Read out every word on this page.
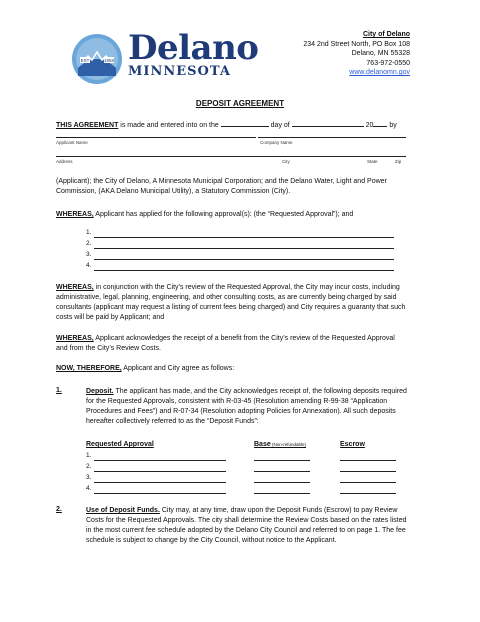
EST	1858 Delano
MINNESOTA
City of Delano
234 2nd Street North, PO Box 108
Delano, MN 55328
763-972-0550
www.delanomn.gov
DEPOSIT AGREEMENT
THIS AGREEMENT is made and entered into on the	day of	20 by
Applicant Name	Company Name
Address	City	State	Zip
(Applicant); the City of Delano, A Minnesota Municipal Corporation; and the Delano Water, Light and Power Commission, (AKA Delano Municipal Utility), a Statutory Commission (City).
WHEREAS, Applicant has applied for the following approval(s): (the “Requested Approval”); and
1.
2.
3.
4.
WHEREAS, in conjunction with the City’s review of the Requested Approval, the City may incur costs, including administrative, legal, planning, engineering, and other consulting costs, as are currently being charged by said consultants (applicant may request a listing of current fees being charged) and City requires a guaranty that such costs will be paid by Applicant; and
WHEREAS, Applicant acknowledges the receipt of a benefit from the City’s review of the Requested Approval and from the City’s Review Costs.
NOW, THEREFORE, Applicant and City agree as follows:
1.	Deposit. The applicant has made, and the City acknowledges receipt of, the following deposits required for the Requested Approvals, consistent with R-03-45 (Resolution amending R-99-38 “Application Procedures and Fees”) and R-07-34 (Resolution adopting Policies for Annexation). All such deposits hereafter collectively referred to as the “Deposit Funds”:
Requested Approval	Base (Non-refundable)	Escrow
1.
2.
3.
4.
2.	Use of Deposit Funds. City may, at any time, draw upon the Deposit Funds (Escrow) to pay Review Costs for the Requested Approvals. The city shall determine the Review Costs based on the rates listed in the most current fee schedule adopted by the Delano City Council and referred to on page 1. The fee schedule is subject to change by the City Council, without notice to the Applicant.
